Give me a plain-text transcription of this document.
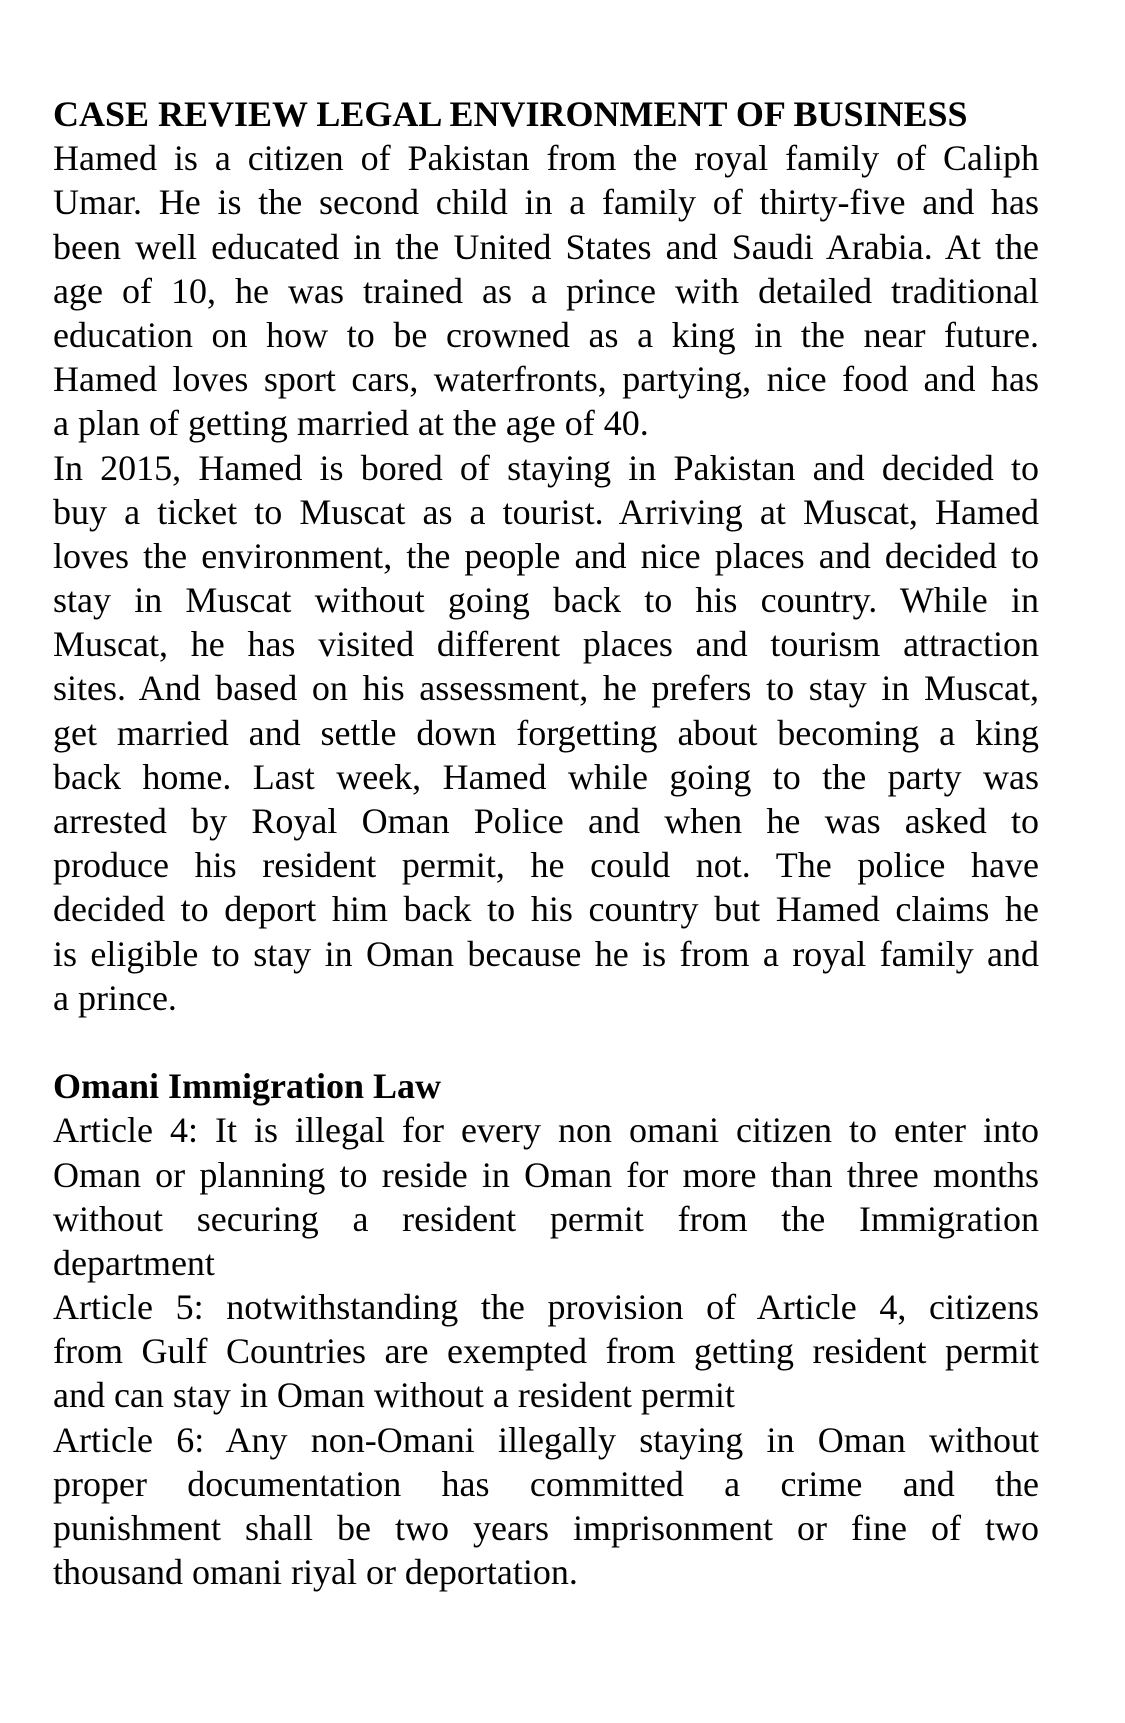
CASE REVIEW LEGAL ENVIRONMENT OF BUSINESS
Hamed is a citizen of Pakistan from the royal family of Caliph
Umar. He is the second child in a family of thirty-five and has
been well educated in the United States and Saudi Arabia. At the
age of 10, he was trained as a prince with detailed traditional
education on how to be crowned as a king in the near future.
Hamed loves sport cars, waterfronts, partying, nice food and has
a plan of getting married at the age of 40.
In 2015, Hamed is bored of staying in Pakistan and decided to
buy a ticket to Muscat as a tourist. Arriving at Muscat, Hamed
loves the environment, the people and nice places and decided to
stay in Muscat without going back to his country. While in
Muscat, he has visited different places and tourism attraction
sites. And based on his assessment, he prefers to stay in Muscat,
get married and settle down forgetting about becoming a king
back home. Last week, Hamed while going to the party was
arrested by Royal Oman Police and when he was asked to
produce his resident permit, he could not. The police have
decided to deport him back to his country but Hamed claims he
is eligible to stay in Oman because he is from a royal family and
a prince.
Omani Immigration Law
Article 4: It is illegal for every non omani citizen to enter into
Oman or planning to reside in Oman for more than three months
without securing a resident permit from the Immigration
department
Article 5: notwithstanding the provision of Article 4, citizens
from Gulf Countries are exempted from getting resident permit
and can stay in Oman without a resident permit
Article 6: Any non-Omani illegally staying in Oman without
proper documentation has committed a crime and the
punishment shall be two years imprisonment or fine of two
thousand omani riyal or deportation.
